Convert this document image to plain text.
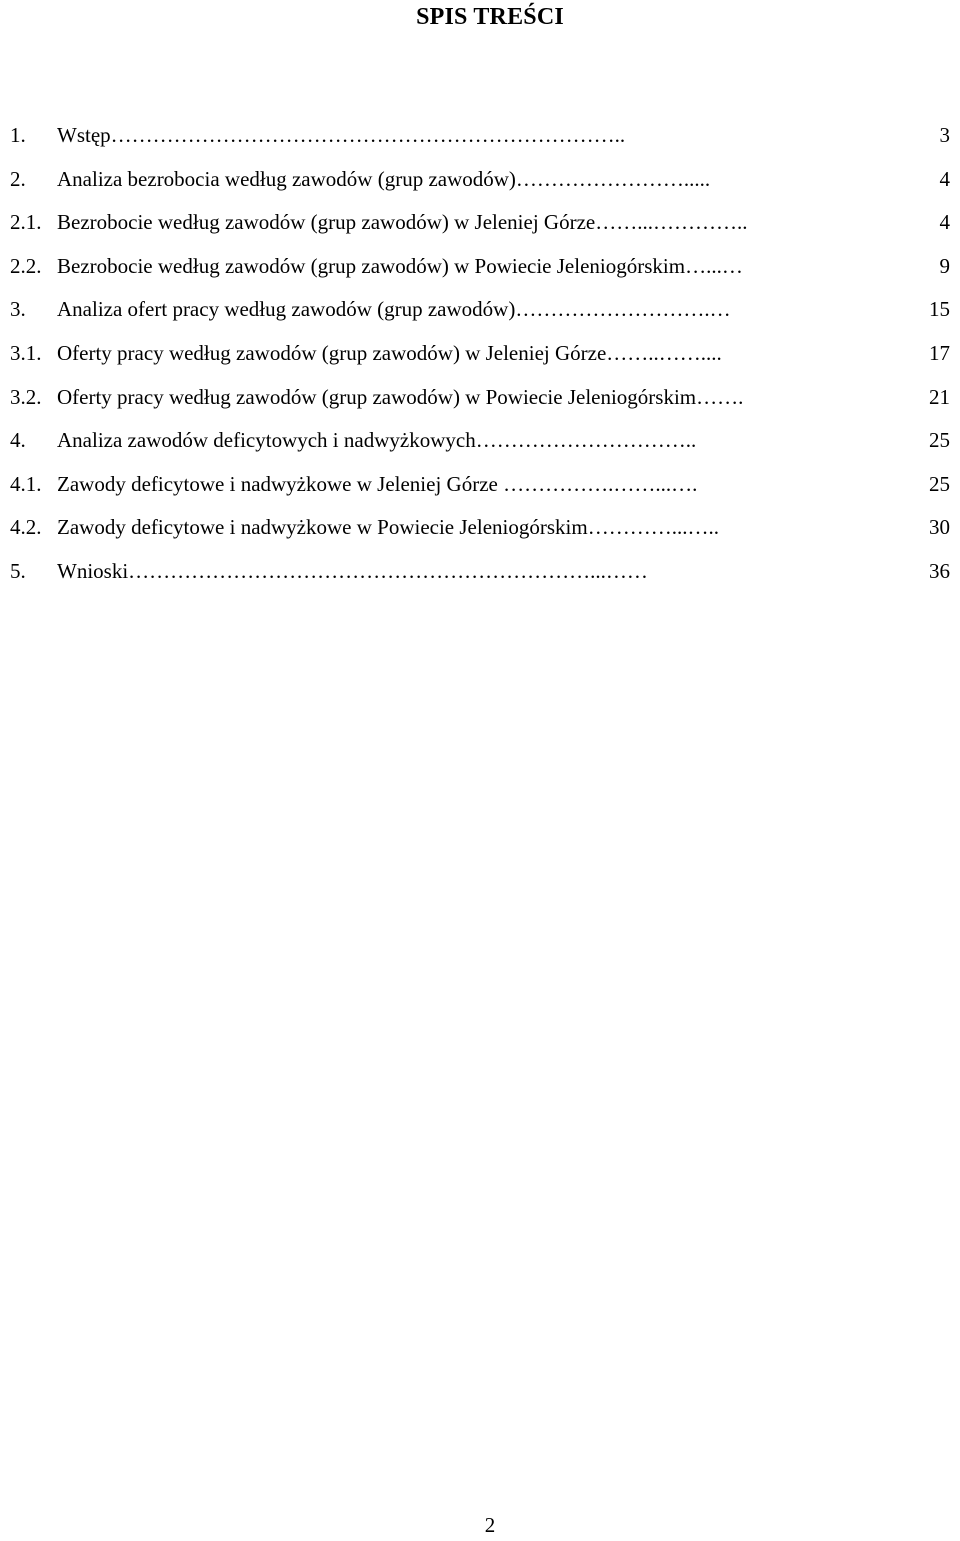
SPIS TREŚCI
1. Wstęp………………………………………………………………..	3
2. Analiza bezrobocia według zawodów (grup zawodów)…………………….....	4
2.1. Bezrobocie według zawodów (grup zawodów) w Jeleniej Górze……...…………..	4
2.2. Bezrobocie według zawodów (grup zawodów) w Powiecie Jeleniogórskim…...…	9
3. Analiza ofert pracy według zawodów (grup zawodów)……………………….…	15
3.1. Oferty pracy według zawodów (grup zawodów) w Jeleniej Górze……..……....	17
3.2. Oferty pracy według zawodów (grup zawodów) w Powiecie Jeleniogórskim…….	21
4. Analiza zawodów deficytowych i nadwyżkowych…………………………..	25
4.1. Zawody deficytowe i nadwyżkowe w Jeleniej Górze …………….……...….	25
4.2. Zawody deficytowe i nadwyżkowe w Powiecie Jeleniogórskim…………...…..	30
5. Wnioski…………………………………………………………...……	36
2
